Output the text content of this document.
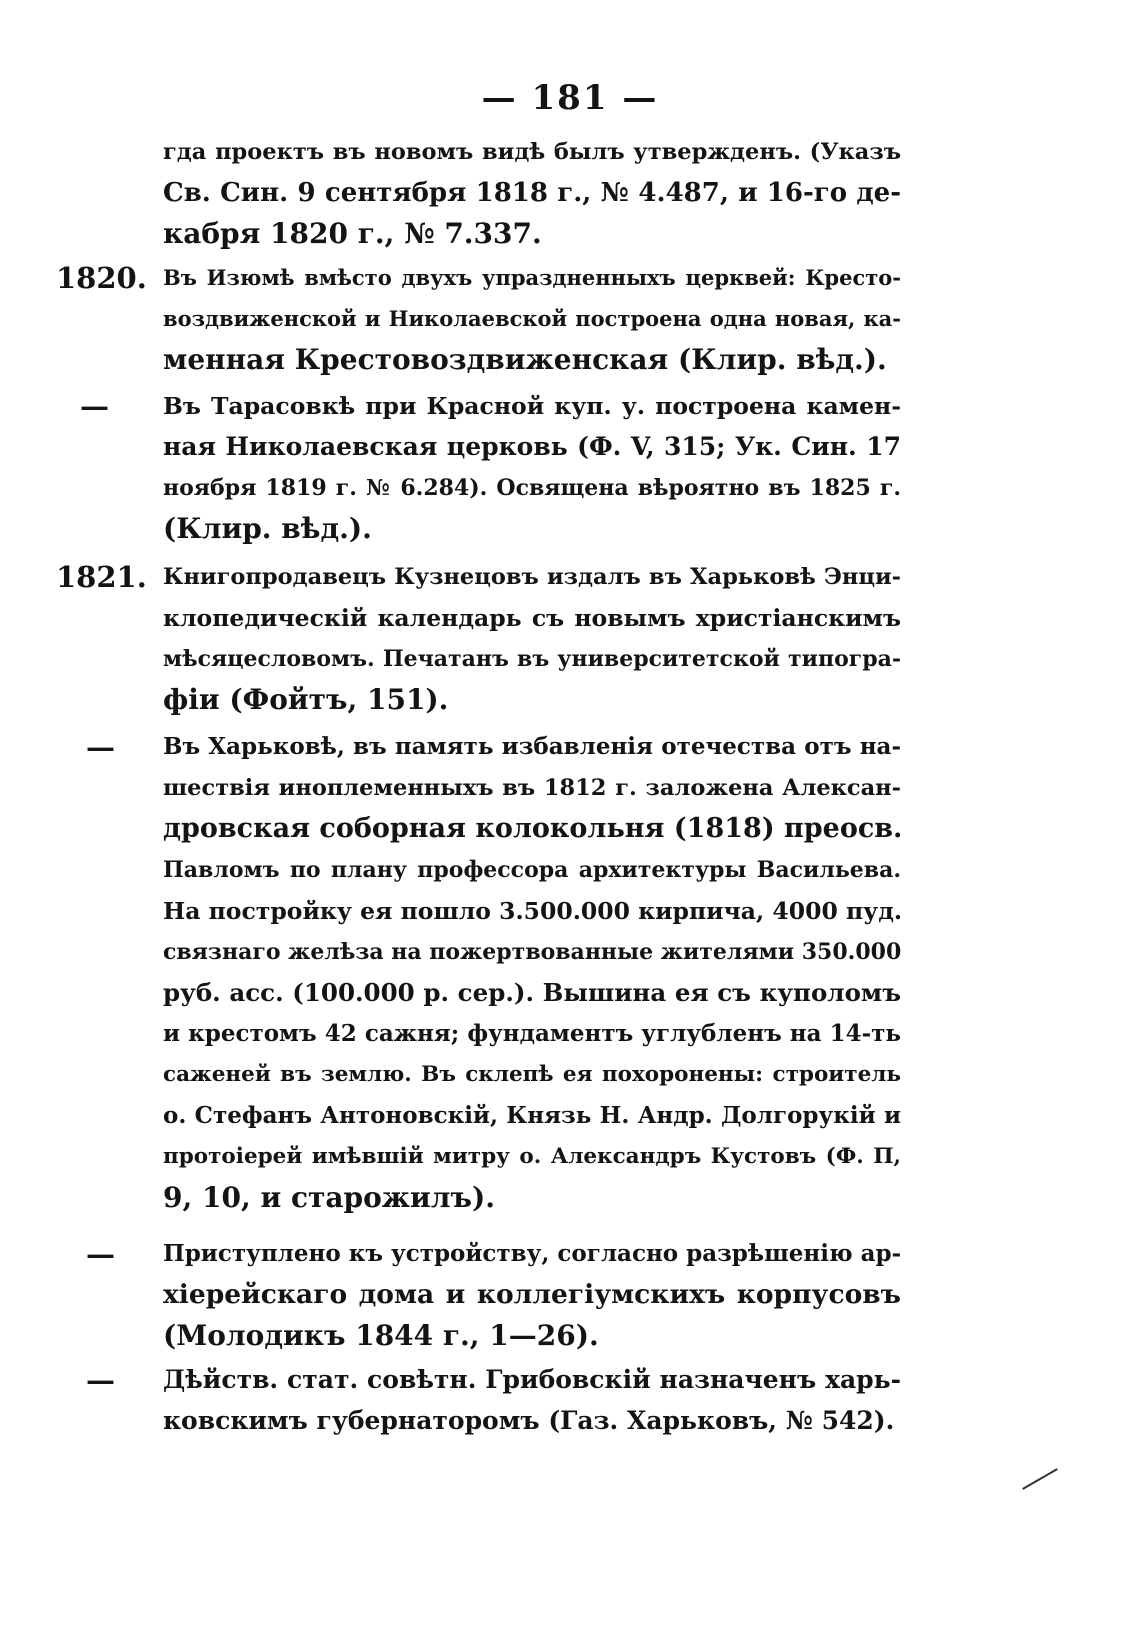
— 181 —
гда проектъ въ новомъ видѣ былъ утвержденъ. (Указъ
Св. Син. 9 сентября 1818 г., № 4.487, и 16-го де-
кабря 1820 г., № 7.337.
1820. Въ Изюмѣ вмѣсто двухъ упраздненныхъ церквей: Кресто-
воздвиженской и Николаевской построена одна новая, ка-
менная Крестовоздвиженская (Клир. вѣд.).
— Въ Тарасовкѣ при Красной куп. у. построена камен-
ная Николаевская церковь (Ф. V, 315; Ук. Син. 17
ноября 1819 г. № 6.284). Освящена вѣроятно въ 1825 г.
(Клир. вѣд.).
1821. Книгопродавецъ Кузнецовъ издалъ въ Харьковѣ Энци-
клопедическій календарь съ новымъ христіанскимъ
мѣсяцесловомъ. Печатанъ въ университетской типогра-
фіи (Фойтъ, 151).
— Въ Харьковѣ, въ память избавленія отечества отъ на-
шествія иноплеменныхъ въ 1812 г. заложена Алексан-
дровская соборная колокольня (1818) преосв.
Павломъ по плану профессора архитектуры Васильева.
На постройку ея пошло 3.500.000 кирпича, 4000 пуд.
связнаго желѣза на пожертвованные жителями 350.000
руб. асс. (100.000 р. сер.). Вышина ея съ куполомъ
и крестомъ 42 сажня; фундаментъ углубленъ на 14-ть
саженей въ землю. Въ склепѣ ея похоронены: строитель
о. Стефанъ Антоновскій, Князь Н. Андр. Долгорукій и
протоіерей имѣвшій митру о. Александръ Кустовъ (Ф. П,
9, 10, и старожилъ).
— Приступлено къ устройству, согласно разрѣшенію ар-
хіерейскаго дома и коллегіумскихъ корпусовъ
(Молодикъ 1844 г., 1—26).
— Дѣйств. стат. совѣтн. Грибовскій назначенъ харь-
ковскимъ губернаторомъ (Газ. Харьковъ, № 542).
